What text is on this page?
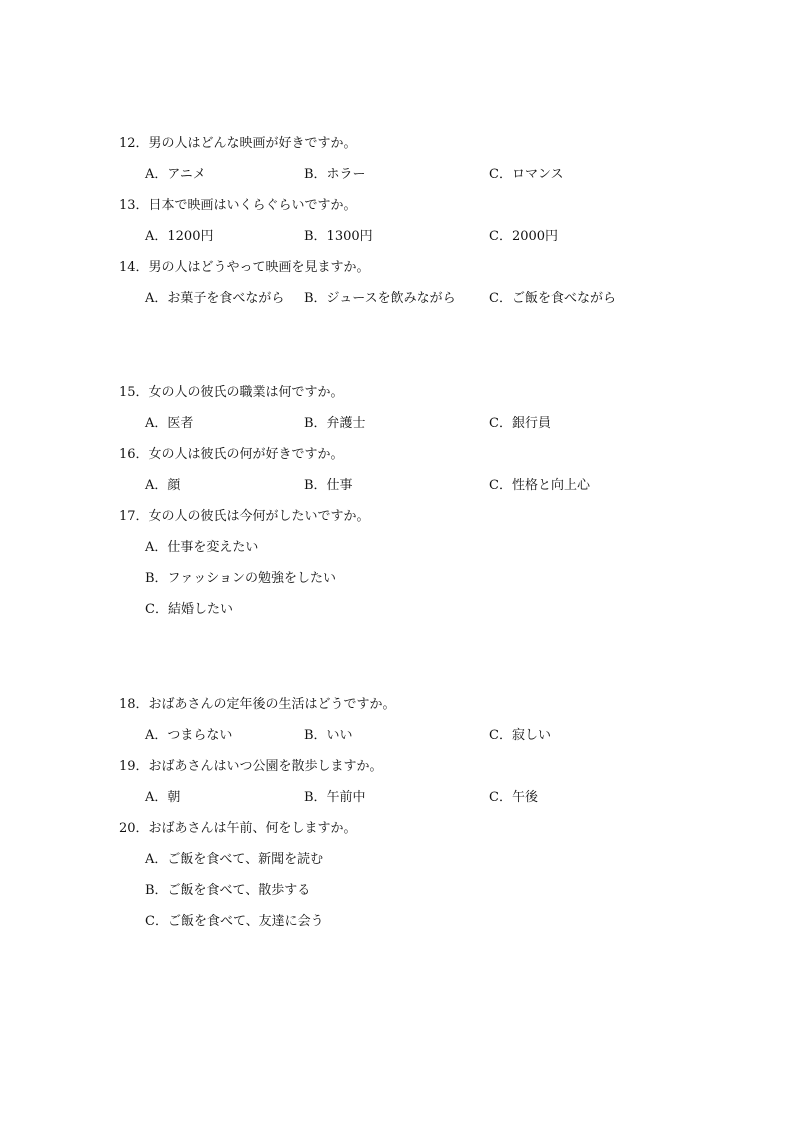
12．男の人はどんな映画が好きですか。
A．アニメ	B．ホラー	C．ロマンス
13．日本で映画はいくらぐらいですか。
A．1200円	B．1300円	C．2000円
14．男の人はどうやって映画を見ますか。
A．お菓子を食べながら B．ジュースを飲みながら	C．ご飯を食べながら
15．女の人の彼氏の職業は何ですか。
A．医者	B．弁護士	C．銀行員
16．女の人は彼氏の何が好きですか。
A．顔	B．仕事	C．性格と向上心
17．女の人の彼氏は今何がしたいですか。
A．仕事を変えたい
B．ファッションの勉強をしたい
C．結婚したい
18．おばあさんの定年後の生活はどうですか。
A．つまらない	B．いい	C．寂しい
19．おばあさんはいつ公園を散歩しますか。
A．朝	B．午前中	C．午後
20．おばあさんは午前、何をしますか。
A．ご飯を食べて、新聞を読む
B．ご飯を食べて、散歩する
C．ご飯を食べて、友達に会う
